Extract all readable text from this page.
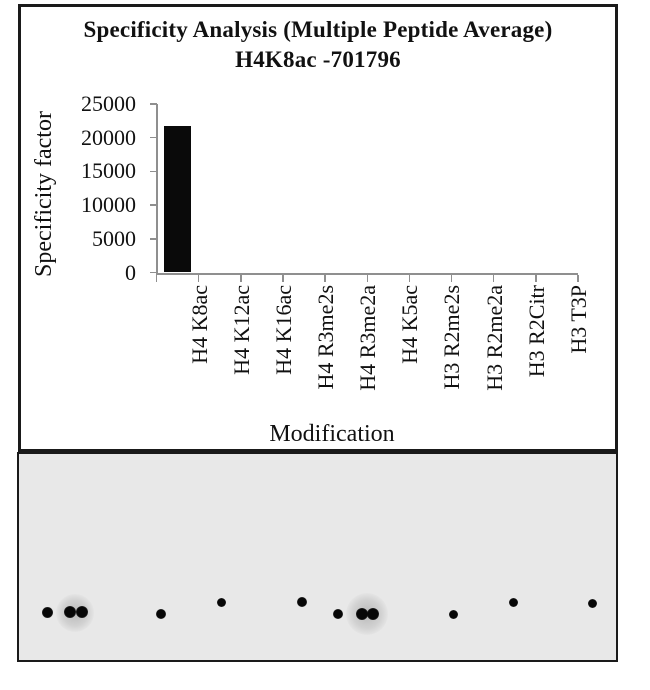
Specificity Analysis (Multiple Peptide Average)
H4K8ac -701796
Specificity factor	0
5000
10000
15000
20000
25000
H4 K8ac H4 K12ac H4 K16ac H4 R3me2s H4 R3me2a H4 K5ac H3 R2me2s H3 R2me2a H3 R2Citr H3 T3P
Modification
